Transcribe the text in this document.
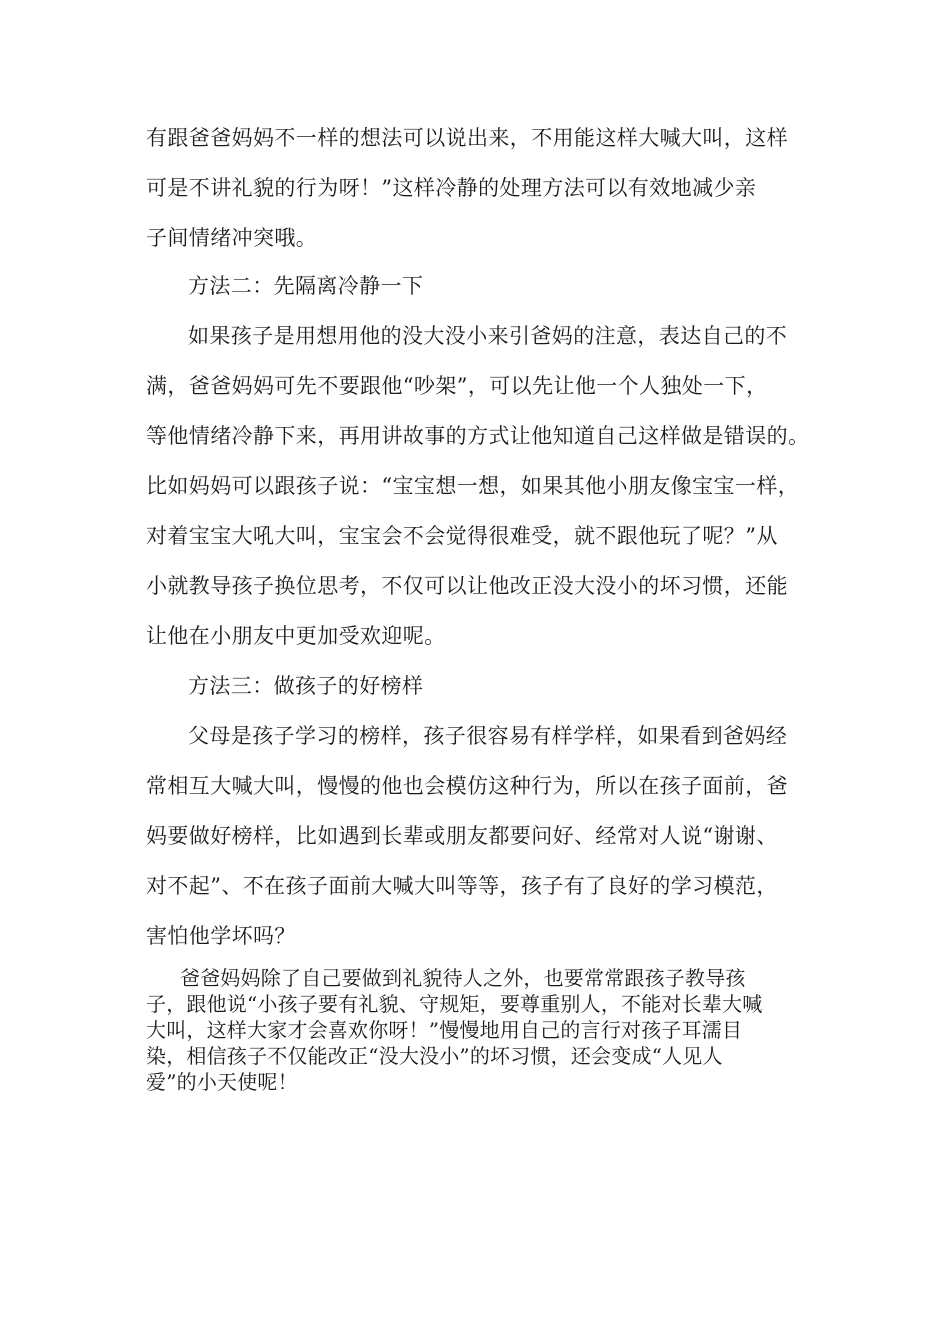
有跟爸爸妈妈不一样的想法可以说出来，不用能这样大喊大叫，这样
可是不讲礼貌的行为呀！”这样冷静的处理方法可以有效地减少亲
子间情绪冲突哦。
方法二：先隔离冷静一下
如果孩子是用想用他的没大没小来引爸妈的注意，表达自己的不
满，爸爸妈妈可先不要跟他“吵架”，可以先让他一个人独处一下，
等他情绪冷静下来，再用讲故事的方式让他知道自己这样做是错误的。
比如妈妈可以跟孩子说：“宝宝想一想，如果其他小朋友像宝宝一样，
对着宝宝大吼大叫，宝宝会不会觉得很难受，就不跟他玩了呢？”从
小就教导孩子换位思考，不仅可以让他改正没大没小的坏习惯，还能
让他在小朋友中更加受欢迎呢。
方法三：做孩子的好榜样
父母是孩子学习的榜样，孩子很容易有样学样，如果看到爸妈经
常相互大喊大叫，慢慢的他也会模仿这种行为，所以在孩子面前，爸
妈要做好榜样，比如遇到长辈或朋友都要问好、经常对人说“谢谢、
对不起”、不在孩子面前大喊大叫等等，孩子有了良好的学习模范，
害怕他学坏吗？
爸爸妈妈除了自己要做到礼貌待人之外，也要常常跟孩子教导孩
子，跟他说“小孩子要有礼貌、守规矩，要尊重别人，不能对长辈大喊
大叫，这样大家才会喜欢你呀！”慢慢地用自己的言行对孩子耳濡目
染，相信孩子不仅能改正“没大没小”的坏习惯，还会变成“人见人
爱”的小天使呢！
